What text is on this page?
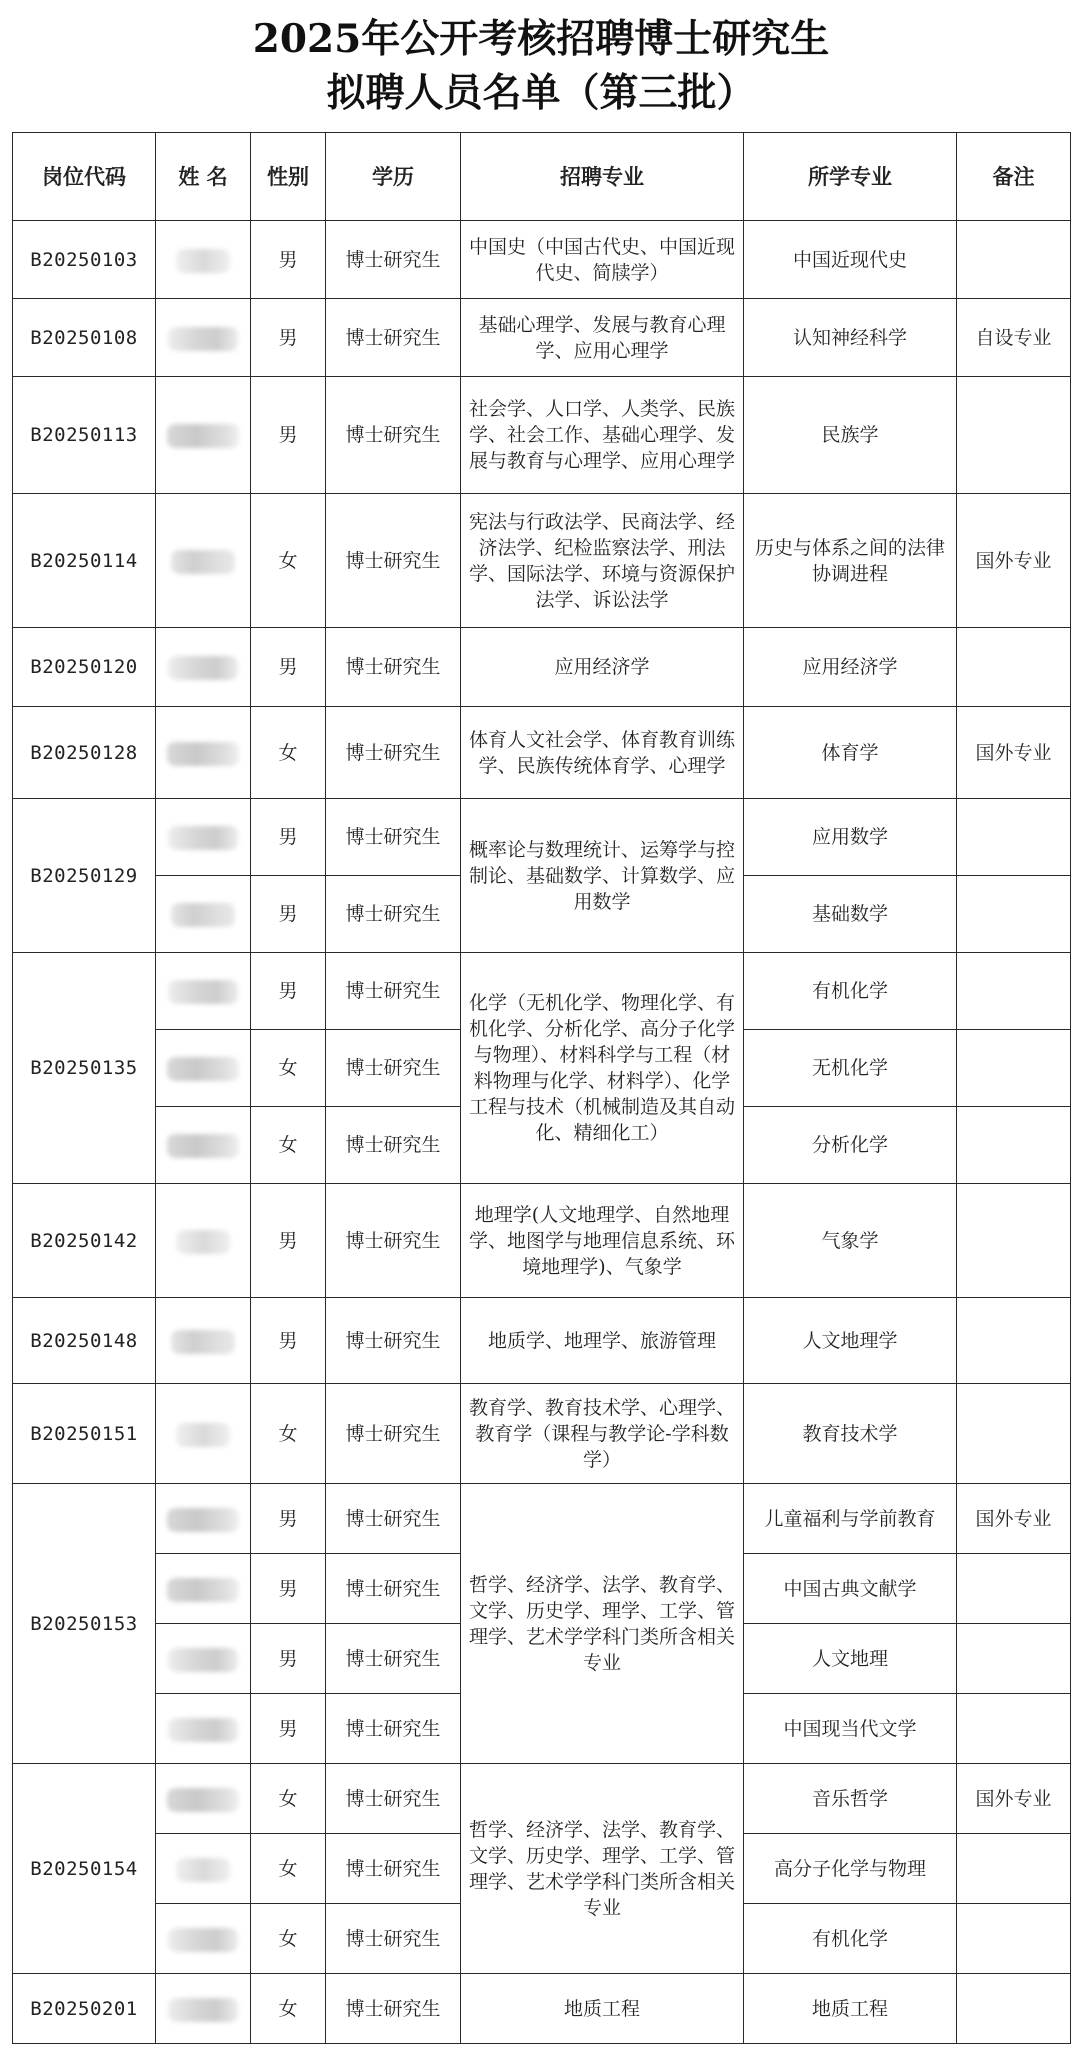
2025年公开考核招聘博士研究生
拟聘人员名单（第三批）
岗位代码	姓 名	性别	学历	招聘专业	所学专业	备注
B20250103		男	博士研究生	中国史（中国古代史、中国近现代史、简牍学）	中国近现代史	
B20250108		男	博士研究生	基础心理学、发展与教育心理学、应用心理学	认知神经科学	自设专业
B20250113		男	博士研究生	社会学、人口学、人类学、民族学、社会工作、基础心理学、发展与教育与心理学、应用心理学	民族学	
B20250114		女	博士研究生	宪法与行政法学、民商法学、经济法学、纪检监察法学、刑法学、国际法学、环境与资源保护法学、诉讼法学	历史与体系之间的法律协调进程	国外专业
B20250120		男	博士研究生	应用经济学	应用经济学	
B20250128		女	博士研究生	体育人文社会学、体育教育训练学、民族传统体育学、心理学	体育学	国外专业
B20250129		男	博士研究生	概率论与数理统计、运筹学与控制论、基础数学、计算数学、应用数学	应用数学	
		男	博士研究生		基础数学	
B20250135		男	博士研究生	化学（无机化学、物理化学、有机化学、分析化学、高分子化学与物理）、材料科学与工程（材料物理与化学、材料学）、化学工程与技术（机械制造及其自动化、精细化工）	有机化学	
		女	博士研究生		无机化学	
		女	博士研究生		分析化学	
B20250142		男	博士研究生	地理学(人文地理学、自然地理学、地图学与地理信息系统、环境地理学)、气象学	气象学	
B20250148		男	博士研究生	地质学、地理学、旅游管理	人文地理学	
B20250151		女	博士研究生	教育学、教育技术学、心理学、教育学（课程与教学论-学科数学）	教育技术学	
B20250153		男	博士研究生	哲学、经济学、法学、教育学、文学、历史学、理学、工学、管理学、艺术学学科门类所含相关专业	儿童福利与学前教育	国外专业
		男	博士研究生		中国古典文献学	
		男	博士研究生		人文地理	
		男	博士研究生		中国现当代文学	
B20250154		女	博士研究生	哲学、经济学、法学、教育学、文学、历史学、理学、工学、管理学、艺术学学科门类所含相关专业	音乐哲学	国外专业
		女	博士研究生		高分子化学与物理	
		女	博士研究生		有机化学	
B20250201		女	博士研究生	地质工程	地质工程	
